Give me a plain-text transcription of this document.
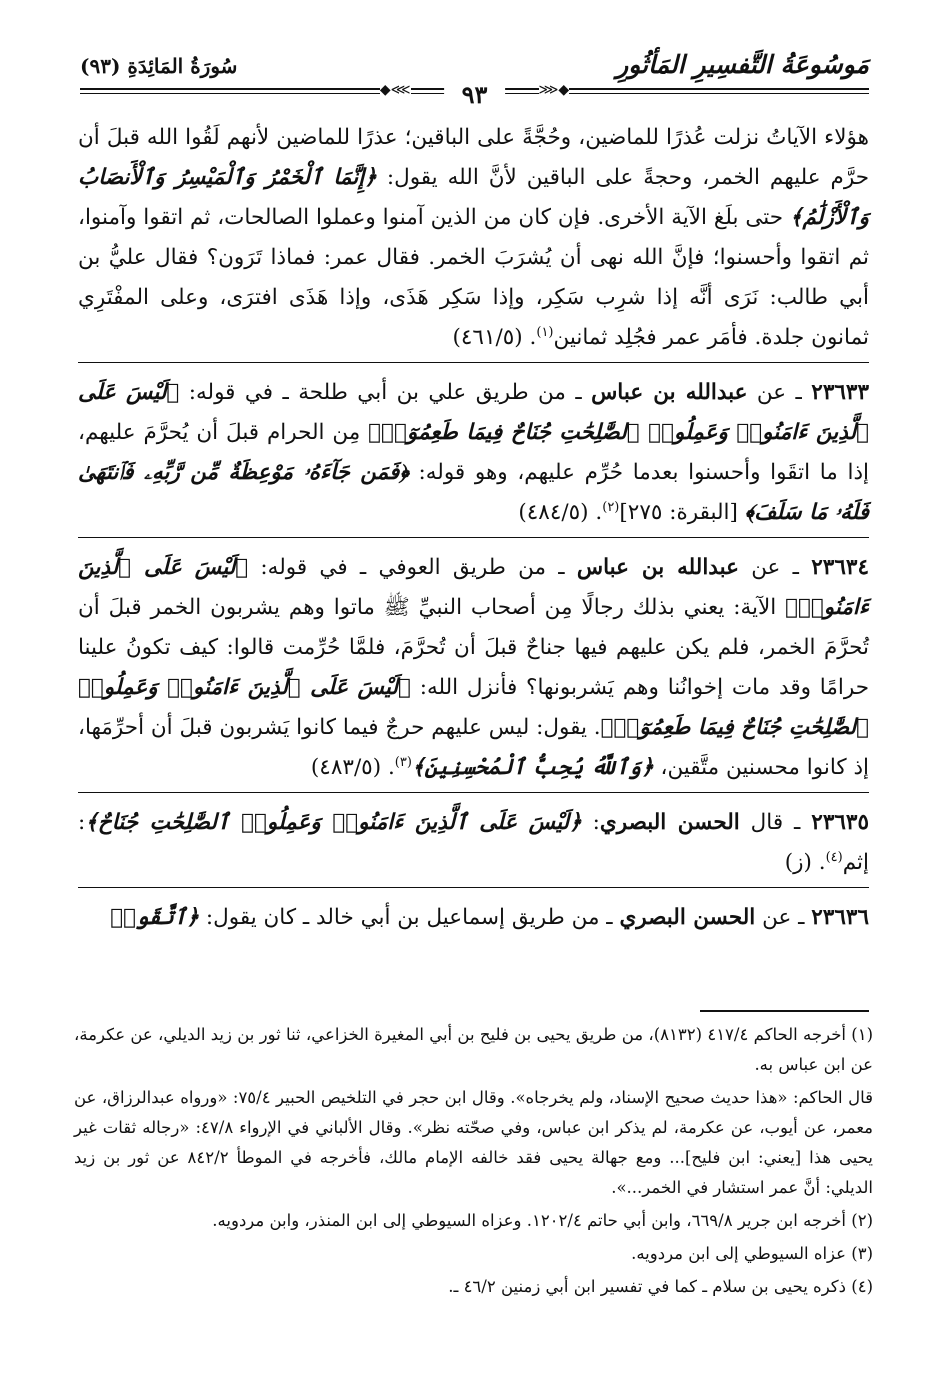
مَوسُوعَةُ التَّفسِيرِ المَأثُورِ
سُورَةُ المَائِدَةِ (٩٣)
◆⋘	⋙◆
٩٣

هؤلاء الآياتُ نزلت عُذرًا للماضين، وحُجَّةً على الباقين؛ عذرًا للماضين لأنهم لَقُوا الله قبلَ أن حرَّم عليهم الخمر، وحجةً على الباقين لأنَّ الله يقول: ﴿إِنَّمَا ٱلْخَمْرُ وَٱلْمَيْسِرُ وَٱلْأَنصَابُ وَٱلْأَزْلَٰمُ﴾ حتى بلَغ الآية الأخرى. فإن كان من الذين آمنوا وعملوا الصالحات، ثم اتقوا وآمنوا، ثم اتقوا وأحسنوا؛ فإنَّ الله نهى أن يُشرَبَ الخمر. فقال عمر: فماذا تَرَون؟ فقال عليُّ بن أبي طالب: نَرَى أنَّه إذا شرِب سَكِر، وإذا سَكِر هَذَى، وإذا هَذَى افترَى، وعلى المفْتَرِي ثمانون جلدة. فأمَر عمر فجُلِد ثمانين$^{(١)}$. (٤٦١/٥)

٢٣٦٣٣ ـ عن عبدالله بن عباس ـ من طريق علي بن أبي طلحة ـ في قوله: ﴿لَيْسَ عَلَى ٱلَّذِينَ ءَامَنُوا۟ وَعَمِلُوا۟ ٱلصَّٰلِحَٰتِ جُنَاحٌ فِيمَا طَعِمُوٓا۟﴾ مِن الحرام قبلَ أن يُحرَّمَ عليهم، إذا ما اتقَوا وأحسنوا بعدما حُرِّم عليهم، وهو قوله: ﴿فَمَن جَآءَهُۥ مَوْعِظَةٌ مِّن رَّبِّهِۦ فَٱنتَهَىٰ فَلَهُۥ مَا سَلَفَ﴾ [البقرة: ٢٧٥]$^{(٢)}$. (٤٨٤/٥)

٢٣٦٣٤ ـ عن عبدالله بن عباس ـ من طريق العوفي ـ في قوله: ﴿لَيْسَ عَلَى ٱلَّذِينَ ءَامَنُوا۟﴾ الآية: يعني بذلك رجالًا مِن أصحاب النبيِّ ﷺ ماتوا وهم يشربون الخمر قبلَ أن تُحرَّمَ الخمر، فلم يكن عليهم فيها جناحٌ قبلَ أن تُحرَّمَ، فلمَّا حُرِّمت قالوا: كيف تكونُ علينا حرامًا وقد مات إخوانُنا وهم يَشربونها؟ فأنزل الله: ﴿لَيْسَ عَلَى ٱلَّذِينَ ءَامَنُوا۟ وَعَمِلُوا۟ ٱلصَّٰلِحَٰتِ جُنَاحٌ فِيمَا طَعِمُوٓا۟﴾. يقول: ليس عليهم حرجٌ فيما كانوا يَشربون قبلَ أن أحرِّمَها، إذ كانوا محسنين متَّقين، ﴿وَٱللَّهُ يُحِبُّ ٱلْمُحْسِنِينَ﴾$^{(٣)}$. (٤٨٣/٥)

٢٣٦٣٥ ـ قال الحسن البصري: ﴿لَيْسَ عَلَى ٱلَّذِينَ ءَامَنُوا۟ وَعَمِلُوا۟ ٱلصَّٰلِحَٰتِ جُنَاحٌ﴾: إثم$^{(٤)}$. (ز)

٢٣٦٣٦ ـ عن الحسن البصري ـ من طريق إسماعيل بن أبي خالد ـ كان يقول: ﴿ٱتَّقَوا۟

(١) أخرجه الحاكم ٤١٧/٤ (٨١٣٢)، من طريق يحيى بن فليح بن أبي المغيرة الخزاعي، ثنا ثور بن زيد الديلي، عن عكرمة، عن ابن عباس به.

قال الحاكم: «هذا حديث صحيح الإسناد، ولم يخرجاه». وقال ابن حجر في التلخيص الحبير ٧٥/٤: «ورواه عبدالرزاق، عن معمر، عن أيوب، عن عكرمة، لم يذكر ابن عباس، وفي صحّته نظر». وقال الألباني في الإرواء ٤٧/٨: «رجاله ثقات غير يحيى هذا [يعني: ابن فليح]... ومع جهالة يحيى فقد خالفه الإمام مالك، فأخرجه في الموطأ ٨٤٢/٢ عن ثور بن زيد الديلي: أنَّ عمر استشار في الخمر...».

(٢) أخرجه ابن جرير ٦٦٩/٨، وابن أبي حاتم ١٢٠٢/٤. وعزاه السيوطي إلى ابن المنذر، وابن مردويه.

(٣) عزاه السيوطي إلى ابن مردويه.

(٤) ذكره يحيى بن سلام ـ كما في تفسير ابن أبي زمنين ٤٦/٢ ـ.
